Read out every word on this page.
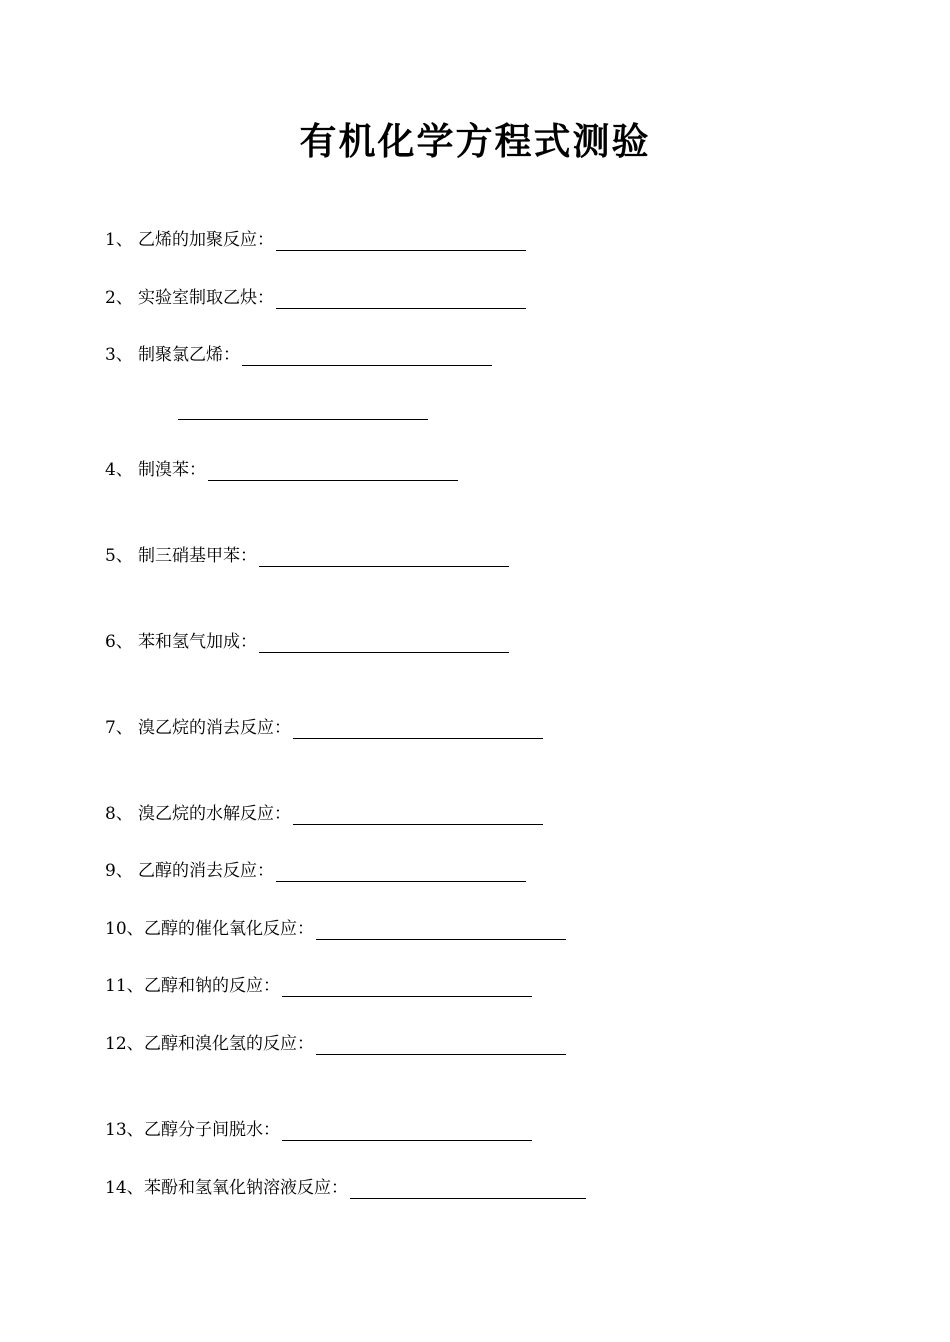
有机化学方程式测验
1、 乙烯的加聚反应：
2、 实验室制取乙炔：
3、 制聚氯乙烯：
4、 制溴苯：
5、 制三硝基甲苯：
6、 苯和氢气加成：
7、 溴乙烷的消去反应：
8、 溴乙烷的水解反应：
9、 乙醇的消去反应：
10、 乙醇的催化氧化反应：
11、 乙醇和钠的反应：
12、 乙醇和溴化氢的反应：
13、 乙醇分子间脱水：
14、 苯酚和氢氧化钠溶液反应：
